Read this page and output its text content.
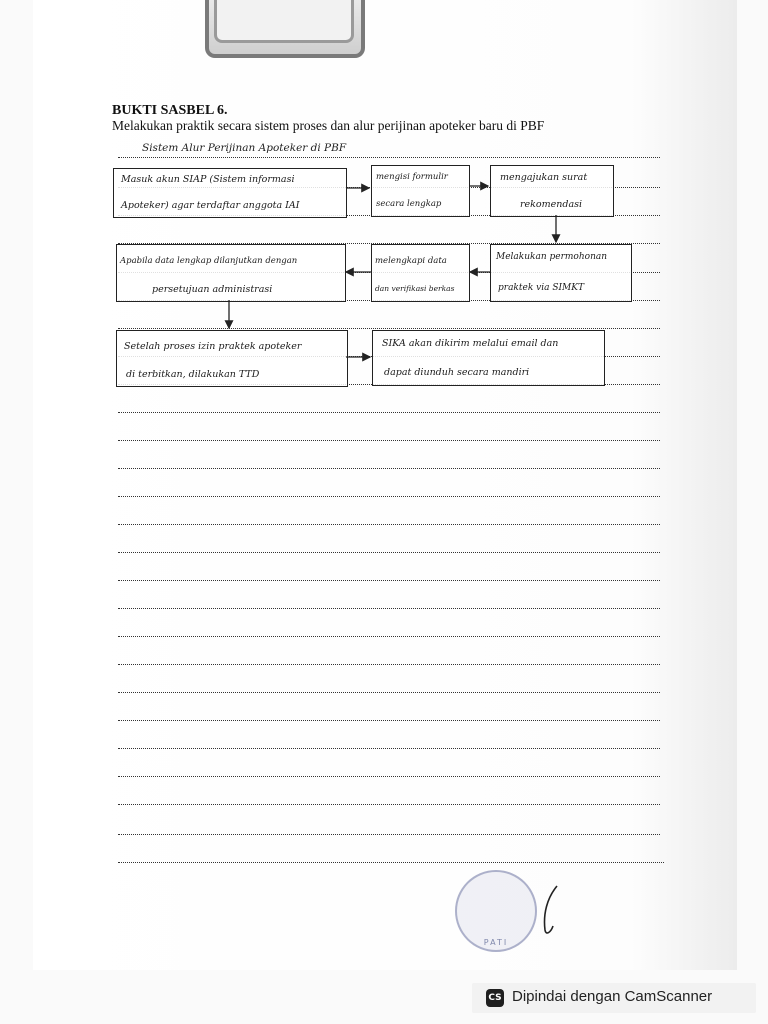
BUKTI SASBEL 6.
Melakukan praktik secara sistem proses dan alur perijinan apoteker baru di PBF
Sistem Alur Perijinan Apoteker di PBF
Masuk akun SIAP (Sistem informasi
Apoteker) agar terdaftar anggota IAI
mengisi formulir
secara lengkap
mengajukan surat
rekomendasi
Melakukan permohonan
praktek via SIMKT
melengkapi data
dan verifikasi berkas
Apabila data lengkap dilanjutkan dengan
persetujuan administrasi
Setelah proses izin praktek apoteker
di terbitkan, dilakukan TTD
SIKA akan dikirim melalui email dan
dapat diunduh secara mandiri
PATI
CS Dipindai dengan CamScanner
